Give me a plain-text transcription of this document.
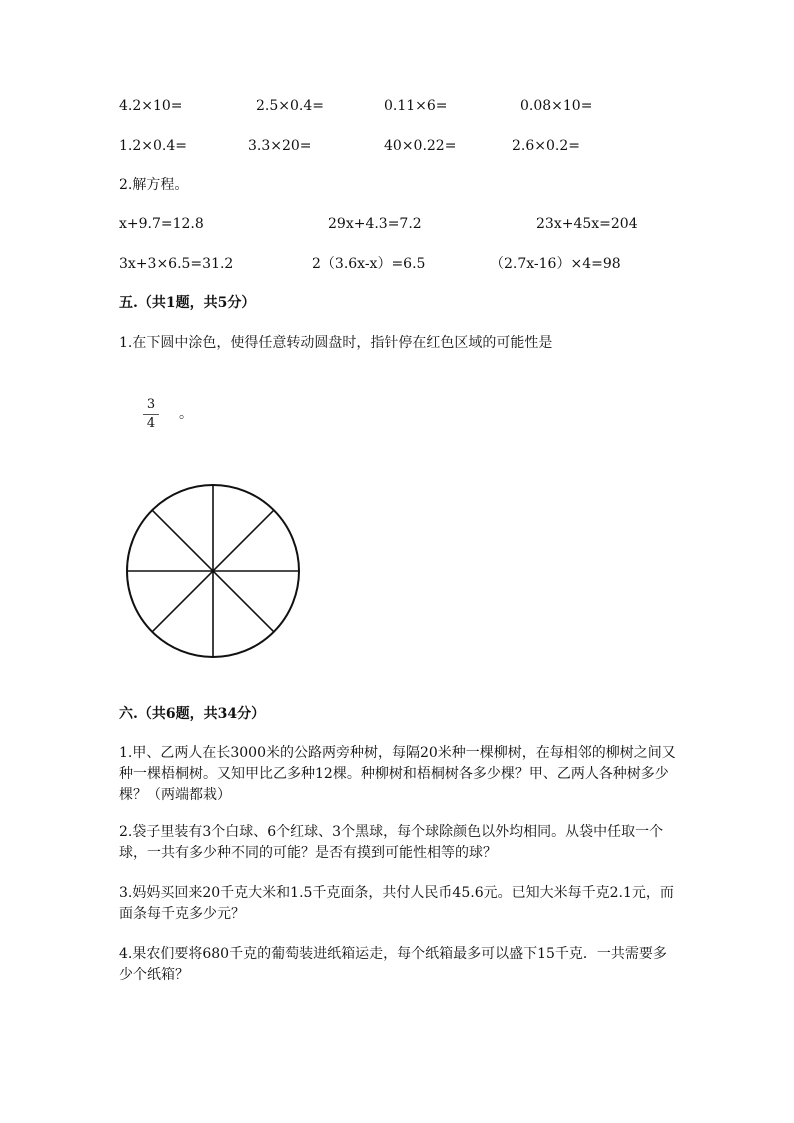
4.2×10=	2.5×0.4=	0.11×6=	0.08×10=
1.2×0.4=	3.3×20=	40×0.22=	2.6×0.2=
2.解方程。
x+9.7=12.8	29x+4.3=7.2	23x+45x=204
3x+3×6.5=31.2	2（3.6x-x）=6.5	（2.7x-16）×4=98
五.（共1题，共5分）
1.在下圆中涂色，使得任意转动圆盘时，指针停在红色区域的可能性是
3
4
。
六.（共6题，共34分）
1.甲、乙两人在长3000米的公路两旁种树，每隔20米种一棵柳树，在每相邻的柳树之间又种一棵梧桐树。又知甲比乙多种12棵。种柳树和梧桐树各多少棵？甲、乙两人各种树多少棵？（两端都栽）
2.袋子里装有3个白球、6个红球、3个黑球，每个球除颜色以外均相同。从袋中任取一个球，一共有多少种不同的可能？是否有摸到可能性相等的球？
3.妈妈买回来20千克大米和1.5千克面条，共付人民币45.6元。已知大米每千克2.1元，而面条每千克多少元？
4.果农们要将680千克的葡萄装进纸箱运走，每个纸箱最多可以盛下15千克．一共需要多少个纸箱？
